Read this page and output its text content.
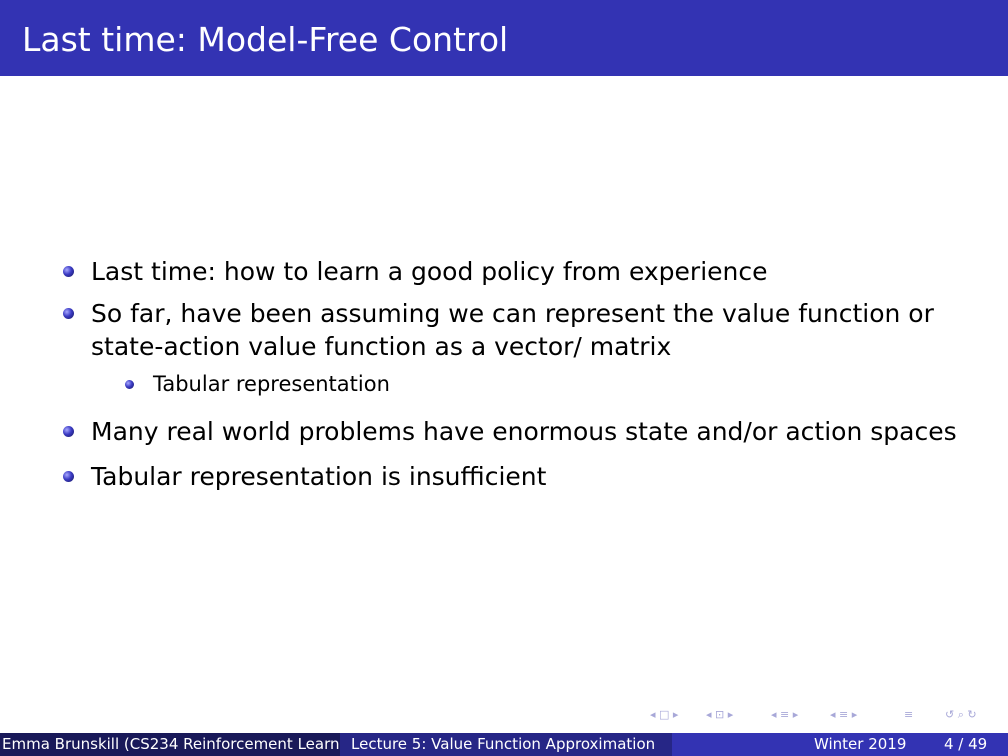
Last time: Model-Free Control
Last time: how to learn a good policy from experience
So far, have been assuming we can represent the value function or
state-action value function as a vector/ matrix
Tabular representation
Many real world problems have enormous state and/or action spaces
Tabular representation is insufficient
◂ □ ▸	◂ ⊡ ▸	◂ ≡ ▸	◂ ≡ ▸	≡	↺ ⌕ ↻
Emma Brunskill (CS234 Reinforcement Learn Lecture 5: Value Function Approximation	Winter 2019	4 / 49
